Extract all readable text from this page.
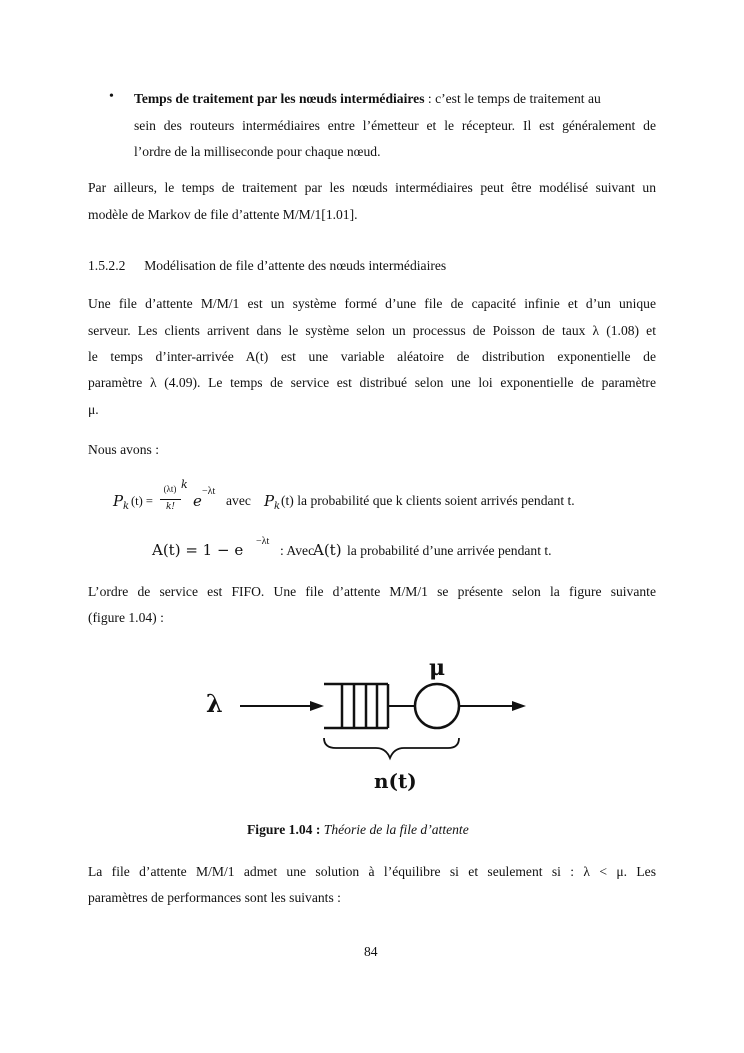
• Temps de traitement par les nœuds intermédiaires : c’est le temps de traitement au
sein des routeurs intermédiaires entre l’émetteur et le récepteur. Il est généralement de
l’ordre de la milliseconde pour chaque nœud.
Par ailleurs, le temps de traitement par les nœuds intermédiaires peut être modélisé suivant un
modèle de Markov de file d’attente M/M/1[1.01].
1.5.2.2 Modélisation de file d’attente des nœuds intermédiaires
Une file d’attente M/M/1 est un système formé d’une file de capacité infinie et d’un unique
serveur. Les clients arrivent dans le système selon un processus de Poisson de taux λ (1.08) et
le temps d’inter-arrivée A(t) est une variable aléatoire de distribution exponentielle de
paramètre λ (4.09). Le temps de service est distribué selon une loi exponentielle de paramètre
μ.
Nous avons :
P k (t) =
(λt) k
k!	e
−λt
avec P k (t) la probabilité que k clients soient arrivés pendant t.
A(t) = 1 − e −λt
: Avec
A(t) la probabilité d’une arrivée pendant t.
L’ordre de service est FIFO. Une file d’attente M/M/1 se présente selon la figure suivante
(figure 1.04) :
λ
μ
n(t)
Figure 1.04 : Théorie de la file d’attente
La file d’attente M/M/1 admet une solution à l’équilibre si et seulement si : λ < μ. Les
paramètres de performances sont les suivants :
84
